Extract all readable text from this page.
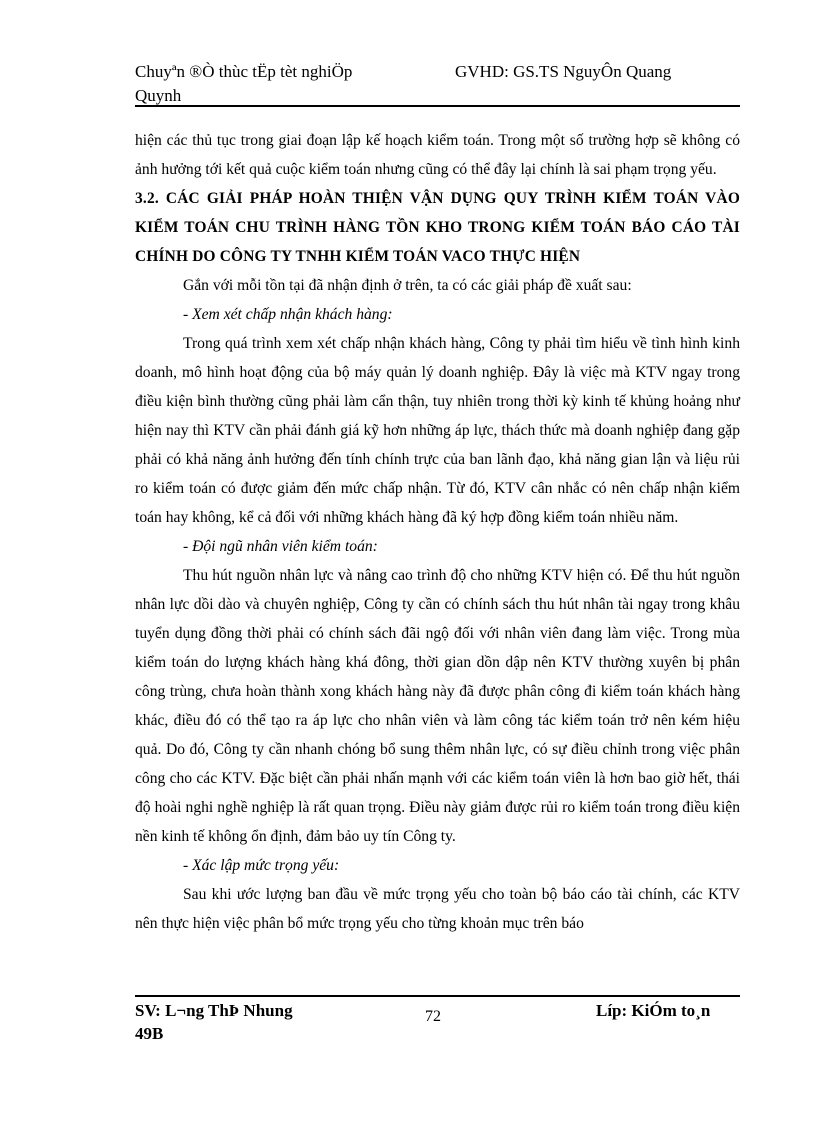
Chuyªn ®Ò thùc tËp tèt nghiÖp
Quynh
GVHD: GS.TS NguyÔn Quang

hiện các thủ tục trong giai đoạn lập kế hoạch kiểm toán. Trong một số trường hợp sẽ không có ảnh hưởng tới kết quả cuộc kiểm toán nhưng cũng có thể đây lại chính là sai phạm trọng yếu.

3.2. CÁC GIẢI PHÁP HOÀN THIỆN VẬN DỤNG QUY TRÌNH KIỂM TOÁN VÀO KIỂM TOÁN CHU TRÌNH HÀNG TỒN KHO TRONG KIỂM TOÁN BÁO CÁO TÀI CHÍNH DO CÔNG TY TNHH KIỂM TOÁN VACO THỰC HIỆN

Gắn với mỗi tồn tại đã nhận định ở trên, ta có các giải pháp đề xuất sau:

- Xem xét chấp nhận khách hàng:

Trong quá trình xem xét chấp nhận khách hàng, Công ty phải tìm hiểu về tình hình kinh doanh, mô hình hoạt động của bộ máy quản lý doanh nghiệp. Đây là việc mà KTV ngay trong điều kiện bình thường cũng phải làm cẩn thận, tuy nhiên trong thời kỳ kinh tế khủng hoảng như hiện nay thì KTV cần phải đánh giá kỹ hơn những áp lực, thách thức mà doanh nghiệp đang gặp phải có khả năng ảnh hưởng đến tính chính trực của ban lãnh đạo, khả năng gian lận và liệu rủi ro kiểm toán có được giảm đến mức chấp nhận. Từ đó, KTV cân nhắc có nên chấp nhận kiểm toán hay không, kể cả đối với những khách hàng đã ký hợp đồng kiểm toán nhiều năm.

- Đội ngũ nhân viên kiểm toán:

Thu hút nguồn nhân lực và nâng cao trình độ cho những KTV hiện có. Để thu hút nguồn nhân lực dồi dào và chuyên nghiệp, Công ty cần có chính sách thu hút nhân tài ngay trong khâu tuyển dụng đồng thời phải có chính sách đãi ngộ đối với nhân viên đang làm việc. Trong mùa kiểm toán do lượng khách hàng khá đông, thời gian dồn dập nên KTV thường xuyên bị phân công trùng, chưa hoàn thành xong khách hàng này đã được phân công đi kiểm toán khách hàng khác, điều đó có thể tạo ra áp lực cho nhân viên và làm công tác kiểm toán trở nên kém hiệu quả. Do đó, Công ty cần nhanh chóng bổ sung thêm nhân lực, có sự điều chỉnh trong việc phân công cho các KTV. Đặc biệt cần phải nhấn mạnh với các kiểm toán viên là hơn bao giờ hết, thái độ hoài nghi nghề nghiệp là rất quan trọng. Điều này giảm được rủi ro kiểm toán trong điều kiện nền kinh tế không ổn định, đảm bảo uy tín Công ty.

- Xác lập mức trọng yếu:

Sau khi ước lượng ban đầu về mức trọng yếu cho toàn bộ báo cáo tài chính, các KTV nên thực hiện việc phân bổ mức trọng yếu cho từng khoản mục trên báo

SV: L¬ng ThÞ Nhung
49B
72	Líp: KiÓm to¸n
